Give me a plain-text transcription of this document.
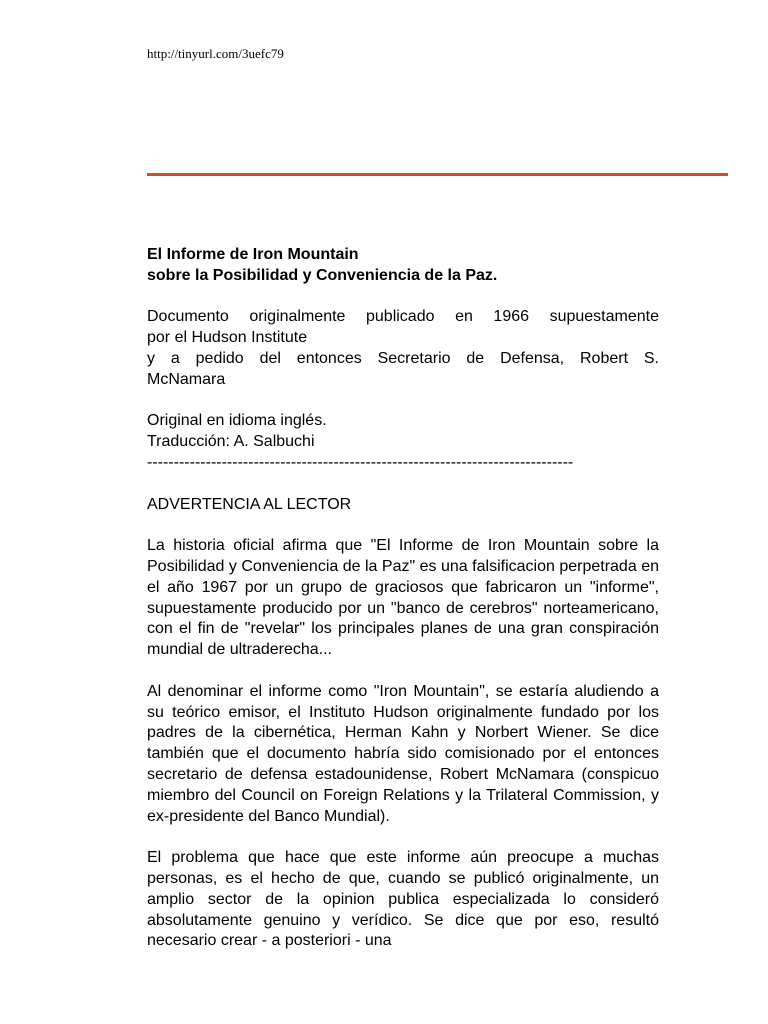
http://tinyurl.com/3uefc79

El Informe de Iron Mountain
sobre la Posibilidad y Conveniencia de la Paz.

Documento originalmente publicado en 1966 supuestamente
por el Hudson Institute
y a pedido del entonces Secretario de Defensa, Robert S.
McNamara

Original en idioma inglés.
Traducción: A. Salbuchi
--------------------------------------------------------------------------------

ADVERTENCIA AL LECTOR

La historia oficial afirma que "El Informe de Iron Mountain sobre la Posibilidad y Conveniencia de la Paz" es una falsificacion perpetrada en el año 1967 por un grupo de graciosos que fabricaron un "informe", supuestamente producido por un "banco de cerebros" norteamericano, con el fin de "revelar" los principales planes de una gran conspiración mundial de ultraderecha...

Al denominar el informe como "Iron Mountain", se estaría aludiendo a su teórico emisor, el Instituto Hudson originalmente fundado por los padres de la cibernética, Herman Kahn y Norbert Wiener. Se dice también que el documento habría sido comisionado por el entonces secretario de defensa estadounidense, Robert McNamara (conspicuo miembro del Council on Foreign Relations y la Trilateral Commission, y ex-presidente del Banco Mundial).

El problema que hace que este informe aún preocupe a muchas personas, es el hecho de que, cuando se publicó originalmente, un amplio sector de la opinion publica especializada lo consideró absolutamente genuino y verídico. Se dice que por eso, resultó necesario crear - a posteriori - una
